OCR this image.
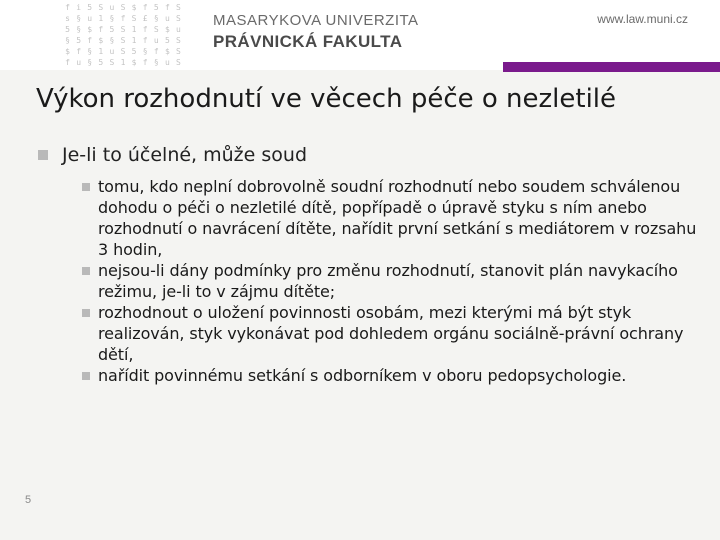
f i 5 S u S $ f 5 f S
s § u 1 § f S £ § u S
5 § $ f 5 S 1 f S $ u
§ 5 f $ § S 1 f u 5 S
$ f § 1 u S 5 § f $ S
f u § 5 S 1 $ f § u S
MASARYKOVA UNIVERZITA
PRÁVNICKÁ FAKULTA
www.law.muni.cz
Výkon rozhodnutí ve věcech péče o nezletilé
Je-li to účelné, může soud
tomu, kdo neplní dobrovolně soudní rozhodnutí nebo soudem schválenou dohodu o péči o nezletilé dítě, popřípadě o úpravě styku s ním anebo rozhodnutí o navrácení dítěte, nařídit první setkání s mediátorem v rozsahu 3 hodin,
nejsou-li dány podmínky pro změnu rozhodnutí, stanovit plán navykacího režimu, je-li to v zájmu dítěte;
rozhodnout o uložení povinnosti osobám, mezi kterými má být styk realizován, styk vykonávat pod dohledem orgánu sociálně-právní ochrany dětí,
nařídit povinnému setkání s odborníkem v oboru pedopsychologie.
5
